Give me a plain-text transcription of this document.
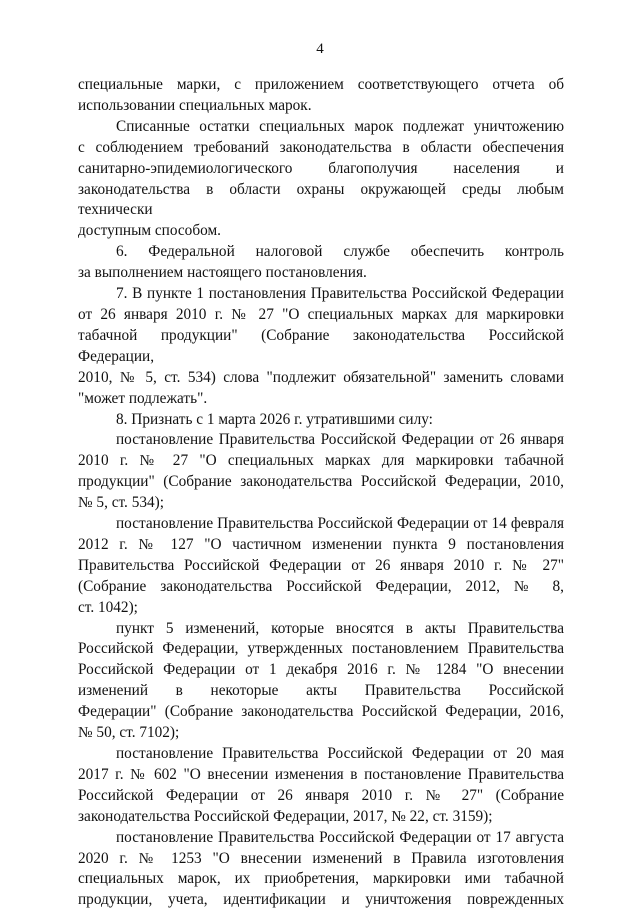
4

специальные марки, с приложением соответствующего отчета об

использовании специальных марок.

Списанные остатки специальных марок подлежат уничтожению

с соблюдением требований законодательства в области обеспечения

санитарно-эпидемиологического благополучия населения и

законодательства в области охраны окружающей среды любым технически

доступным способом.

6. Федеральной налоговой службе обеспечить контроль

за выполнением настоящего постановления.

7. В пункте 1 постановления Правительства Российской Федерации

от 26 января 2010 г. № 27 "О специальных марках для маркировки

табачной продукции" (Собрание законодательства Российской Федерации,

2010, № 5, ст. 534) слова "подлежит обязательной" заменить словами

"может подлежать".

8. Признать с 1 марта 2026 г. утратившими силу:

постановление Правительства Российской Федерации от 26 января

2010 г. № 27 "О специальных марках для маркировки табачной

продукции" (Собрание законодательства Российской Федерации, 2010,

№ 5, ст. 534);

постановление Правительства Российской Федерации от 14 февраля

2012 г. № 127 "О частичном изменении пункта 9 постановления

Правительства Российской Федерации от 26 января 2010 г. № 27"

(Собрание законодательства Российской Федерации, 2012, № 8,

ст. 1042);

пункт 5 изменений, которые вносятся в акты Правительства

Российской Федерации, утвержденных постановлением Правительства

Российской Федерации от 1 декабря 2016 г. № 1284 "О внесении

изменений в некоторые акты Правительства Российской

Федерации" (Собрание законодательства Российской Федерации, 2016,

№ 50, ст. 7102);

постановление Правительства Российской Федерации от 20 мая

2017 г. № 602 "О внесении изменения в постановление Правительства

Российской Федерации от 26 января 2010 г. № 27" (Собрание

законодательства Российской Федерации, 2017, № 22, ст. 3159);

постановление Правительства Российской Федерации от 17 августа

2020 г. № 1253 "О внесении изменений в Правила изготовления

специальных марок, их приобретения, маркировки ими табачной

продукции, учета, идентификации и уничтожения поврежденных
